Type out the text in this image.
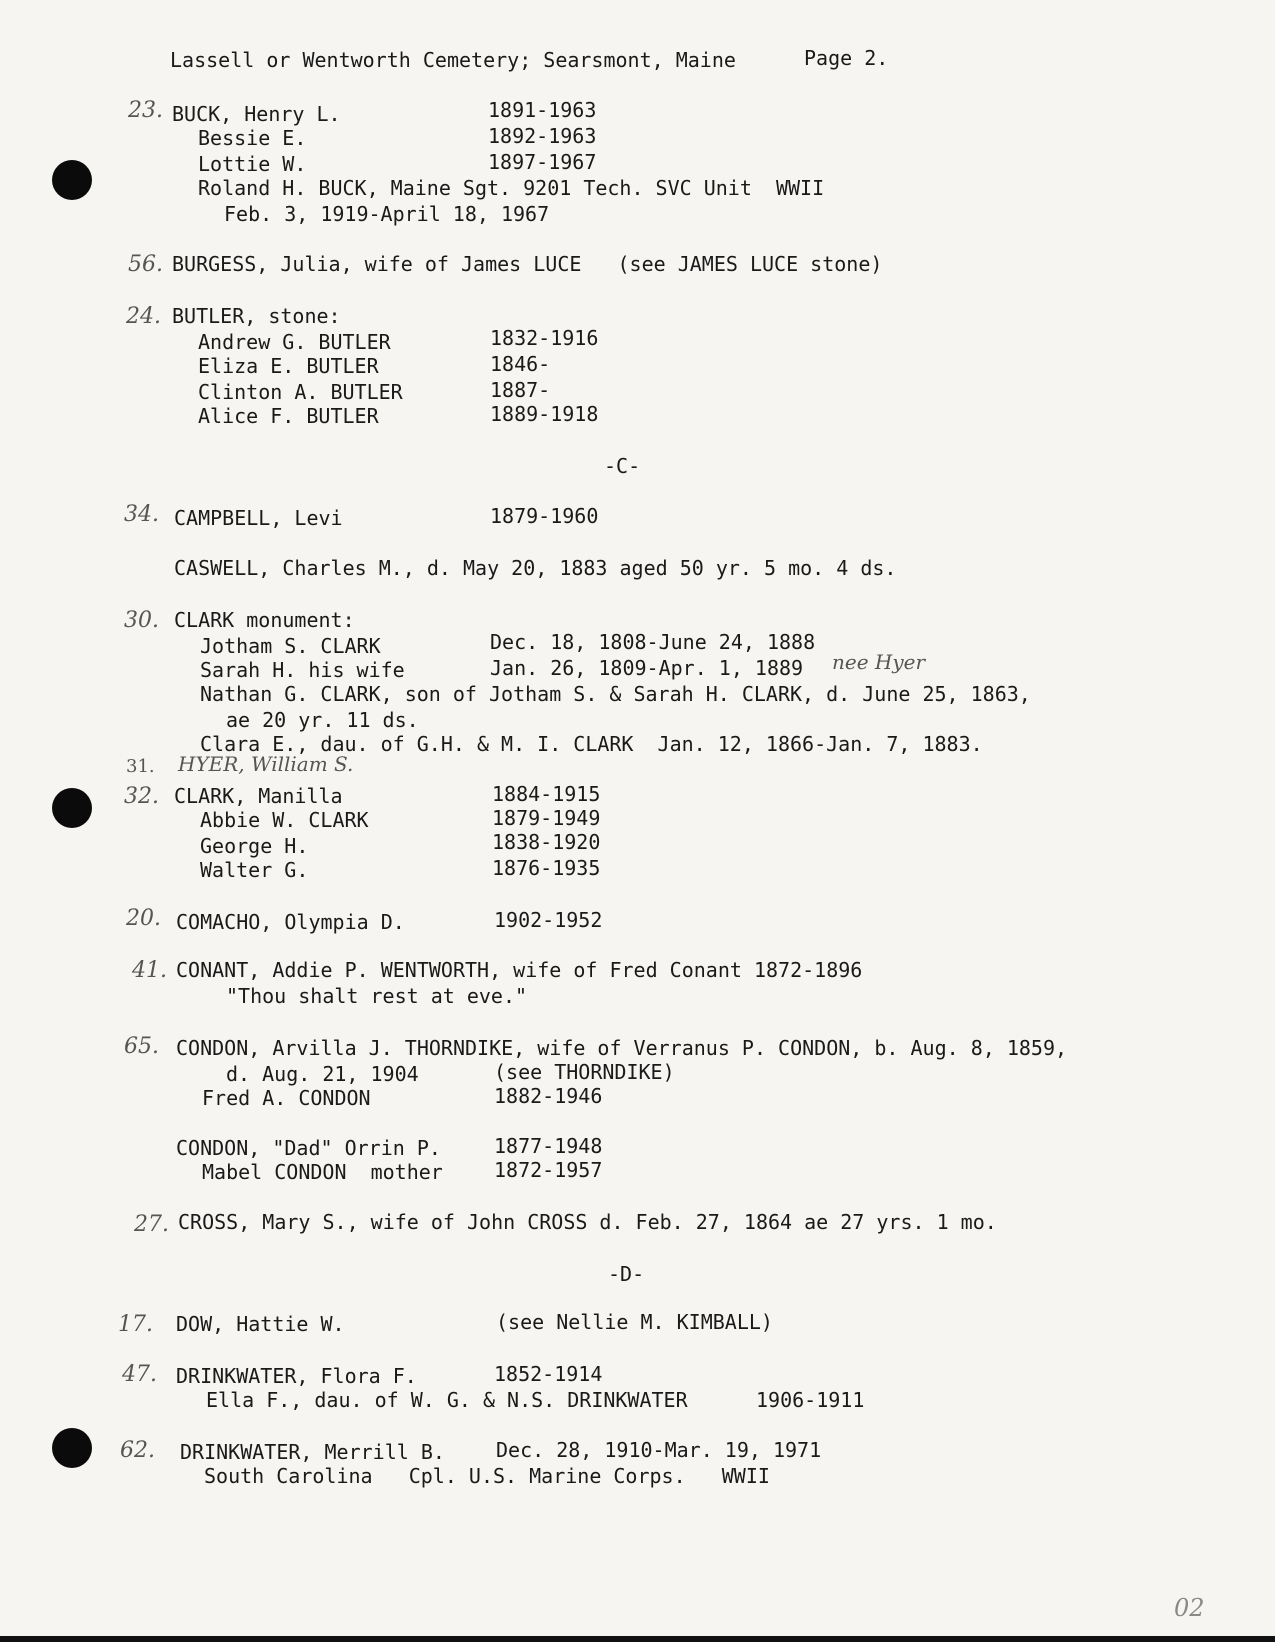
Lassell or Wentworth Cemetery; Searsmont, Maine	Page 2.
23. BUCK, Henry L.	1891-1963
Bessie E.	1892-1963
Lottie W.	1897-1967
Roland H. BUCK, Maine Sgt. 9201 Tech. SVC Unit  WWII
Feb. 3, 1919-April 18, 1967
56. BURGESS, Julia, wife of James LUCE   (see JAMES LUCE stone)
24. BUTLER, stone:
Andrew G. BUTLER	1832-1916
Eliza E. BUTLER	1846-
Clinton A. BUTLER	1887-
Alice F. BUTLER	1889-1918
-C-
34. CAMPBELL, Levi	1879-1960
CASWELL, Charles M., d. May 20, 1883 aged 50 yr. 5 mo. 4 ds.
30. CLARK monument:
Jotham S. CLARK	Dec. 18, 1808-June 24, 1888
Sarah H. his wife	Jan. 26, 1809-Apr. 1, 1889 nee Hyer
Nathan G. CLARK, son of Jotham S. & Sarah H. CLARK, d. June 25, 1863,
ae 20 yr. 11 ds.
Clara E., dau. of G.H. & M. I. CLARK  Jan. 12, 1866-Jan. 7, 1883.
31. HYER, William S.
32. CLARK, Manilla	1884-1915
Abbie W. CLARK	1879-1949
George H.	1838-1920
Walter G.	1876-1935
20. COMACHO, Olympia D.	1902-1952
41. CONANT, Addie P. WENTWORTH, wife of Fred Conant 1872-1896
"Thou shalt rest at eve."
65. CONDON, Arvilla J. THORNDIKE, wife of Verranus P. CONDON, b. Aug. 8, 1859,
d. Aug. 21, 1904	(see THORNDIKE)
Fred A. CONDON	1882-1946
CONDON, "Dad" Orrin P.	1877-1948
Mabel CONDON  mother	1872-1957
27. CROSS, Mary S., wife of John CROSS d. Feb. 27, 1864 ae 27 yrs. 1 mo.
-D-
17. DOW, Hattie W.	(see Nellie M. KIMBALL)
47. DRINKWATER, Flora F.	1852-1914
Ella F., dau. of W. G. & N.S. DRINKWATER	1906-1911
62. DRINKWATER, Merrill B.	Dec. 28, 1910-Mar. 19, 1971
South Carolina   Cpl. U.S. Marine Corps.   WWII
02
